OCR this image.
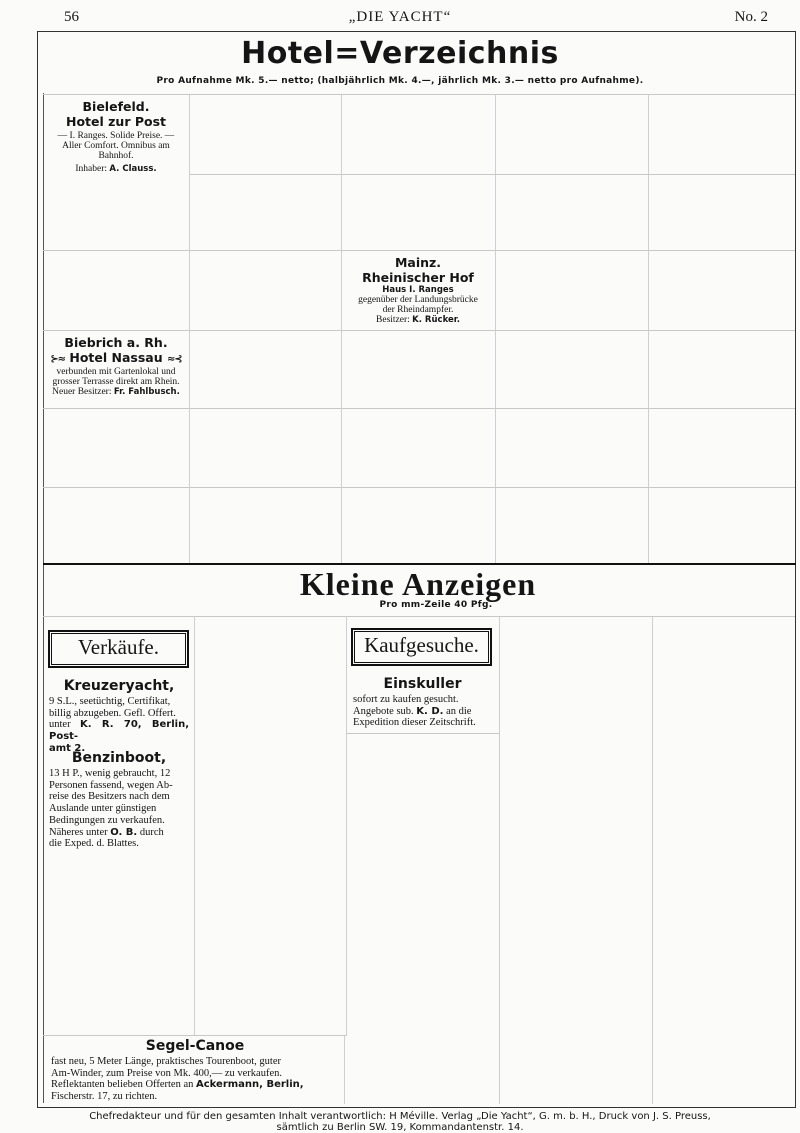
56	„DIE YACHT“	No. 2
Hotel=Verzeichnis
Pro Aufnahme Mk. 5.— netto; (halbjährlich Mk. 4.—, jährlich Mk. 3.— netto pro Aufnahme).
Bielefeld.
Hotel zur Post
— I. Ranges. Solide Preise. —
Aller Comfort. Omnibus am
Bahnhof.
Inhaber: A. Clauss.
Mainz.
Rheinischer Hof
Haus I. Ranges
gegenüber der Landungsbrücke
der Rheindampfer.
Besitzer: K. Rücker.
Biebrich a. Rh.
⊱≈ Hotel Nassau ≈⊰
verbunden mit Gartenlokal und
grosser Terrasse direkt am Rhein.
Neuer Besitzer: Fr. Fahlbusch.
Kleine Anzeigen
Pro mm-Zeile 40 Pfg.
Verkäufe.	Kaufgesuche.
Kreuzeryacht,
9 S.L., seetüchtig, Certifikat,
billig abzugeben. Gefl. Offert.
unter K. R. 70, Berlin, Post-
amt 2.
Benzinboot,
13 H P., wenig gebraucht, 12
Personen fassend, wegen Ab-
reise des Besitzers nach dem
Auslande unter günstigen
Bedingungen zu verkaufen.
Näheres unter O. B. durch
die Exped. d. Blattes.
Einskuller
sofort zu kaufen gesucht.
Angebote sub. K. D. an die
Expedition dieser Zeitschrift.
Segel-Canoe
fast neu, 5 Meter Länge, praktisches Tourenboot, guter
Am-Winder, zum Preise von Mk. 400,— zu verkaufen.
Reflektanten belieben Offerten an Ackermann, Berlin,
Fischerstr. 17, zu richten.
Chefredakteur und für den gesamten Inhalt verantwortlich: H Méville. Verlag „Die Yacht“, G. m. b. H., Druck von J. S. Preuss,
sämtlich zu Berlin SW. 19, Kommandantenstr. 14.
